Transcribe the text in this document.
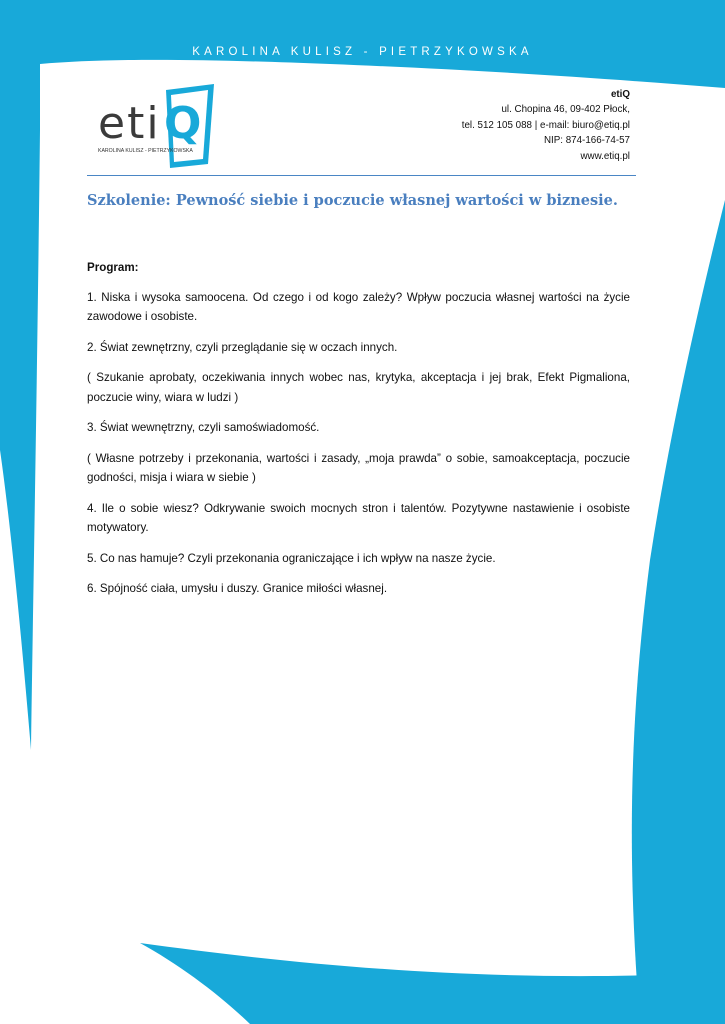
KAROLINA KULISZ - PIETRZYKOWSKA
eti Q
KAROLINA KULISZ - PIETRZYKOWSKA
etiQ
ul. Chopina 46, 09-402 Płock,
tel. 512 105 088 | e-mail: biuro@etiq.pl
NIP: 874-166-74-57
www.etiq.pl
Szkolenie: Pewność siebie i poczucie własnej wartości w biznesie.

Program:

1. Niska i wysoka samoocena. Od czego i od kogo zależy? Wpływ poczucia własnej wartości na życie zawodowe i osobiste.

2. Świat zewnętrzny, czyli przeglądanie się w oczach innych.

( Szukanie aprobaty, oczekiwania innych wobec nas, krytyka, akceptacja i jej brak, Efekt Pigmaliona, poczucie winy, wiara w ludzi )

3. Świat wewnętrzny, czyli samoświadomość.

( Własne potrzeby i przekonania, wartości i zasady, „moja prawda” o sobie, samoakceptacja, poczucie godności, misja i wiara w siebie )

4. Ile o sobie wiesz? Odkrywanie swoich mocnych stron i talentów. Pozytywne nastawienie i osobiste motywatory.

5. Co nas hamuje? Czyli przekonania ograniczające i ich wpływ na nasze życie.

6. Spójność ciała, umysłu i duszy. Granice miłości własnej.
